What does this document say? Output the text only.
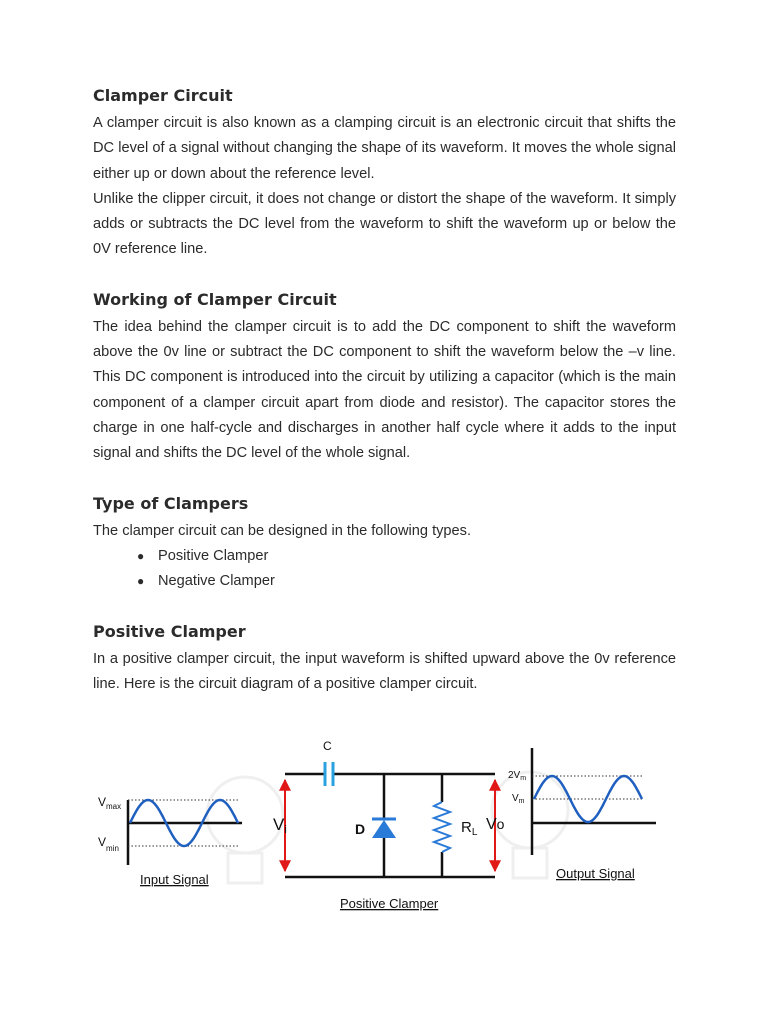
Clamper Circuit

A clamper circuit is also known as a clamping circuit is an electronic circuit that shifts the DC level of a signal without changing the shape of its waveform. It moves the whole signal either up or down about the reference level.

Unlike the clipper circuit, it does not change or distort the shape of the waveform. It simply adds or subtracts the DC level from the waveform to shift the waveform up or below the 0V reference line.

Working of Clamper Circuit

The idea behind the clamper circuit is to add the DC component to shift the waveform above the 0v line or subtract the DC component to shift the waveform below the –v line. This DC component is introduced into the circuit by utilizing a capacitor (which is the main component of a clamper circuit apart from diode and resistor). The capacitor stores the charge in one half-cycle and discharges in another half cycle where it adds to the input signal and shifts the DC level of the whole signal.

Type of Clampers

The clamper circuit can be designed in the following types.

● Positive Clamper
● Negative Clamper
Positive Clamper

In a positive clamper circuit, the input waveform is shifted upward above the 0v reference line. Here is the circuit diagram of a positive clamper circuit.

$V_{max}$
$V_{min}$
Input Signal
C
D	$R_L$
Vi	Vo
$2V_m$
$V_m$
Output Signal
Positive Clamper
